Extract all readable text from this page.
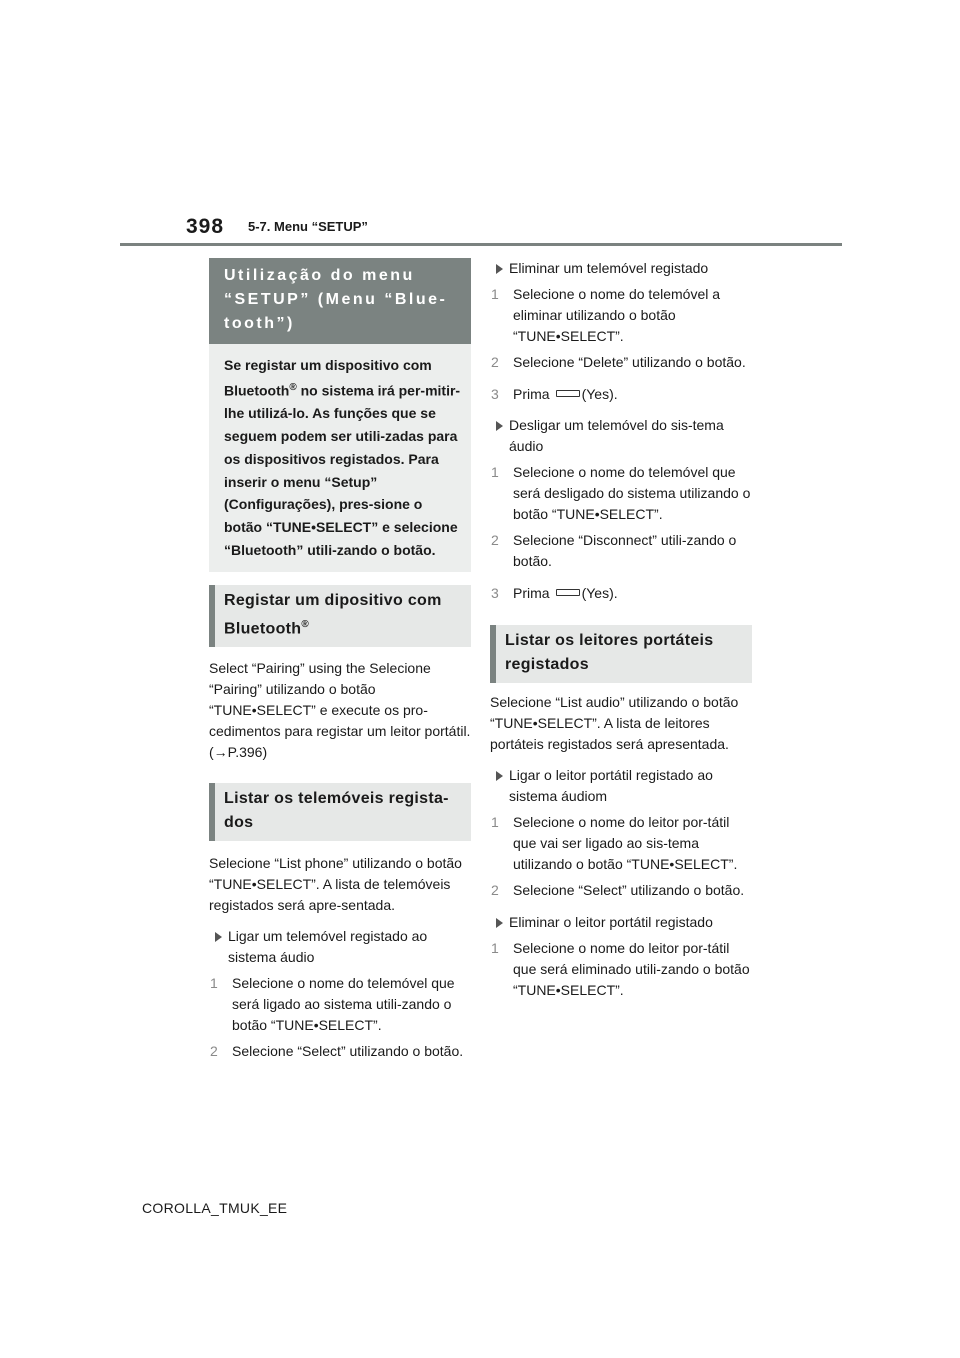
398 5-7. Menu “SETUP”
Utilização do menu “SETUP” (Menu “Blue-tooth”)
Se registar um dispositivo com Bluetooth® no sistema irá per-mitir-lhe utilizá-lo. As funções que se seguem podem ser utili-zadas para os dispositivos registados. Para inserir o menu “Setup” (Configurações), pres-sione o botão “TUNE•SELECT” e selecione “Bluetooth” utili-zando o botão.
Registar um dipositivo com Bluetooth®

Select “Pairing” using the Selecione “Pairing” utilizando o botão “TUNE•SELECT” e execute os pro-cedimentos para registar um leitor portátil. (→P.396)

Listar os telemóveis regista-dos

Selecione “List phone” utilizando o botão “TUNE•SELECT”. A lista de telemóveis registados será apre-sentada.

Ligar um telemóvel registado ao sistema áudio
1 Selecione o nome do telemóvel que será ligado ao sistema utili-zando o botão “TUNE•SELECT”.
2 Selecione “Select” utilizando o botão.
Eliminar um telemóvel registado
1 Selecione o nome do telemóvel a eliminar utilizando o botão “TUNE•SELECT”.
2 Selecione “Delete” utilizando o botão.
3 Prima (Yes).
Desligar um telemóvel do sis-tema áudio
1 Selecione o nome do telemóvel que será desligado do sistema utilizando o botão “TUNE•SELECT”.
2 Selecione “Disconnect” utili-zando o botão.
3 Prima (Yes).
Listar os leitores portáteis registados

Selecione “List audio” utilizando o botão “TUNE•SELECT”. A lista de leitores portáteis registados será apresentada.

Ligar o leitor portátil registado ao sistema áudiom
1 Selecione o nome do leitor por-tátil que vai ser ligado ao sis-tema utilizando o botão “TUNE•SELECT”.
2 Selecione “Select” utilizando o botão.
Eliminar o leitor portátil registado
1 Selecione o nome do leitor por-tátil que será eliminado utili-zando o botão “TUNE•SELECT”.
COROLLA_TMUK_EE
